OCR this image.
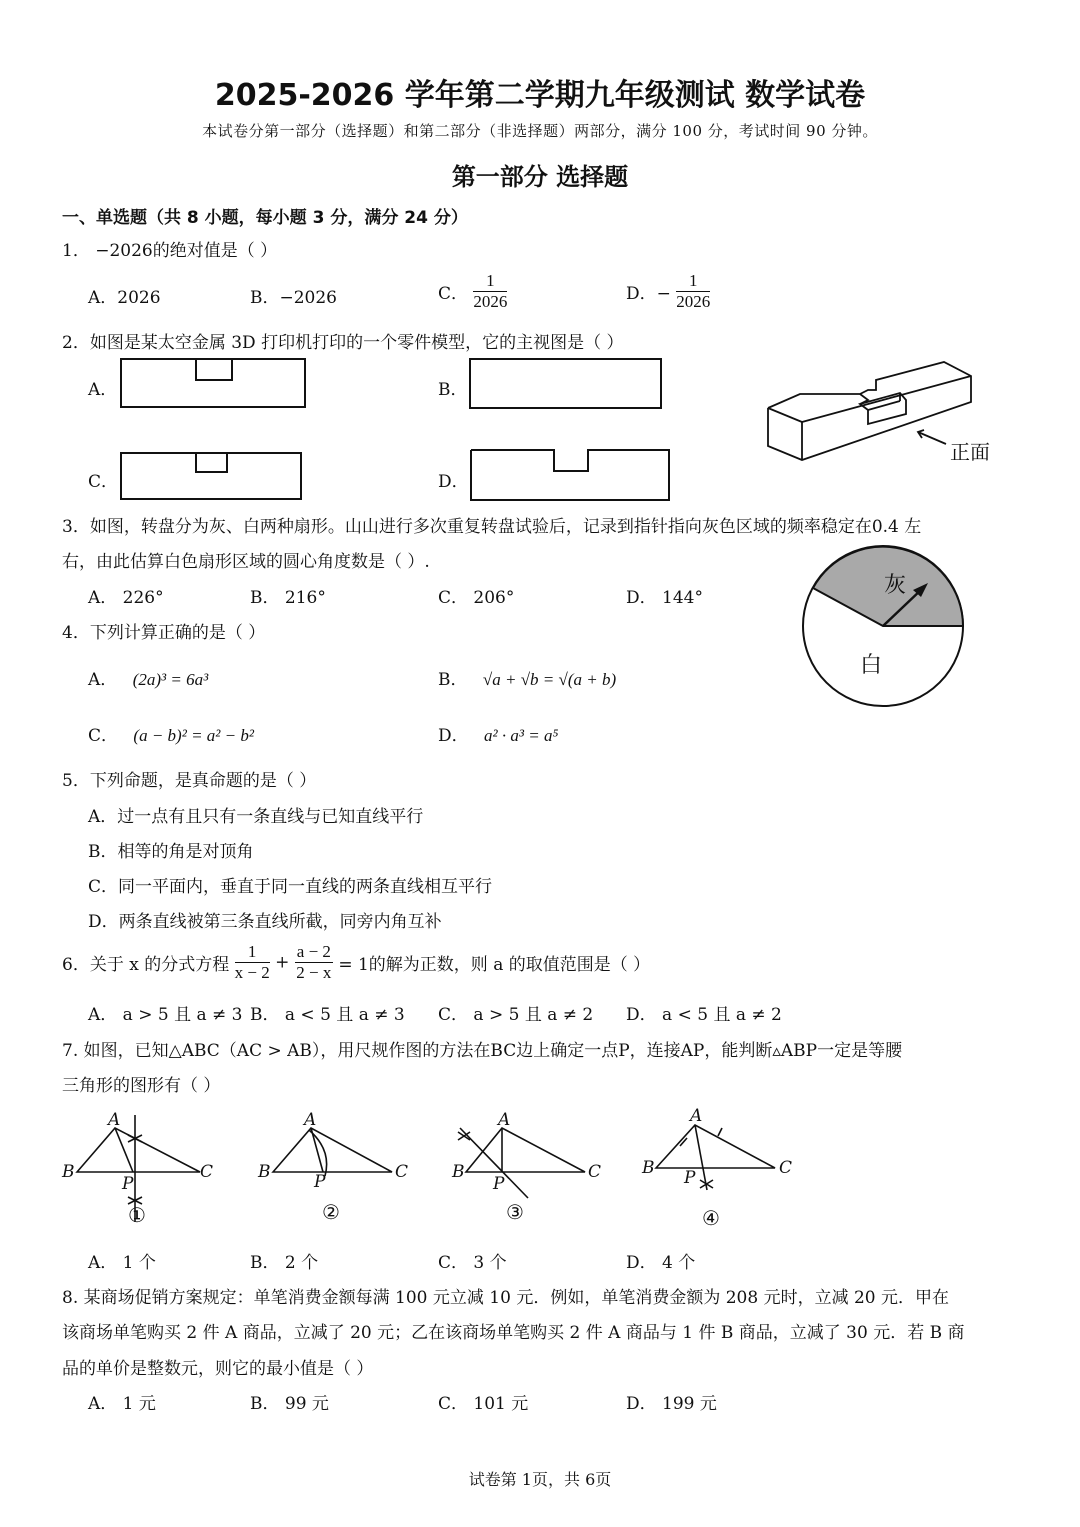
2025-2026 学年第二学期九年级测试 数学试卷
本试卷分第一部分（选择题）和第二部分（非选择题）两部分，满分 100 分，考试时间 90 分钟。
第一部分 选择题
一、单选题（共 8 小题，每小题 3 分，满分 24 分）
1． −2026的绝对值是（ ）
A．2026	B．−2026	C． $\frac{1}{2026}$	D．− $\frac{1}{2026}$
2．如图是某太空金属 3D 打印机打印的一个零件模型，它的主视图是（ ）
A．	B．
C．	D．
正面
3．如图，转盘分为灰、白两种扇形。山山进行多次重复转盘试验后，记录到指针指向灰色区域的频率稳定在0.4 左
右，由此估算白色扇形区域的圆心角度数是（ ）.
A． 226°	B． 216°	C． 206°	D． 144°	灰
白
4．下列计算正确的是（ ）
A． (2a)³ = 6a³	B． √a + √b = √(a + b)
C． (a − b)² = a² − b²	D． a² · a³ = a⁵
5．下列命题，是真命题的是（ ）
A．过一点有且只有一条直线与已知直线平行
B．相等的角是对顶角
C．同一平面内，垂直于同一直线的两条直线相互平行
D．两条直线被第三条直线所截，同旁内角互补
6．关于 x 的分式方程 $\frac{1}{x - 2} + \frac{a - 2}{2 - x} = 1$的解为正数，则 a 的取值范围是（ ）
A． a > 5 且 a ≠ 3 B． a < 5 且 a ≠ 3 C． a > 5 且 a ≠ 2 D． a < 5 且 a ≠ 2
7. 如图，已知△ABC（AC > AB），用尺规作图的方法在BC边上确定一点P，连接AP，能判断▵ABP一定是等腰
三角形的图形有（ ）
A
B	C
P
A
B	C
P
A
B	C
P
A
B	C
P
①	②	③	④
A． 1 个	B． 2 个	C． 3 个	D． 4 个
8. 某商场促销方案规定：单笔消费金额每满 100 元立减 10 元．例如，单笔消费金额为 208 元时，立减 20 元．甲在
该商场单笔购买 2 件 A 商品，立减了 20 元；乙在该商场单笔购买 2 件 A 商品与 1 件 B 商品，立减了 30 元．若 B 商
品的单价是整数元，则它的最小值是（ ）
A． 1 元	B． 99 元	C． 101 元	D． 199 元
试卷第 1页，共 6页
